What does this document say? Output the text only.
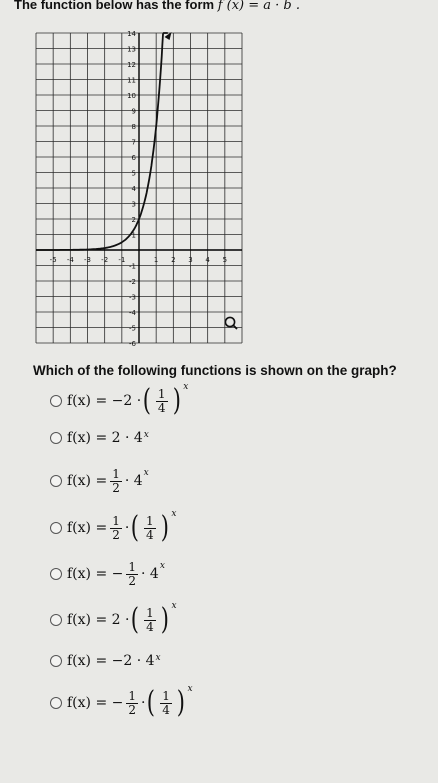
The function below has the form f (x) = a · b .
-5 -4 -3 -2 -1	1 2 3 4 5
14
13
12
11
10
9
8
7
6
5
4
3
2
1
-1
-2
-3
-4
-5
-6
Which of the following functions is shown on the graph?
f(x) = −2 · ( $\frac{1}{4}$ ) x
f(x) = 2 · 4 x
$f(x) = \frac{1}{2} \cdot 4$
x
$f(x) = \frac{1}{2}$ · ( $\frac{1}{4}$ ) x
f(x) = − $\frac{1}{2} \cdot 4$
x
f(x) = 2 · ( $\frac{1}{4}$ ) x
f(x) = −2 · 4 x
f(x) = − $\frac{1}{2}$ · ( $\frac{1}{4}$ ) x
